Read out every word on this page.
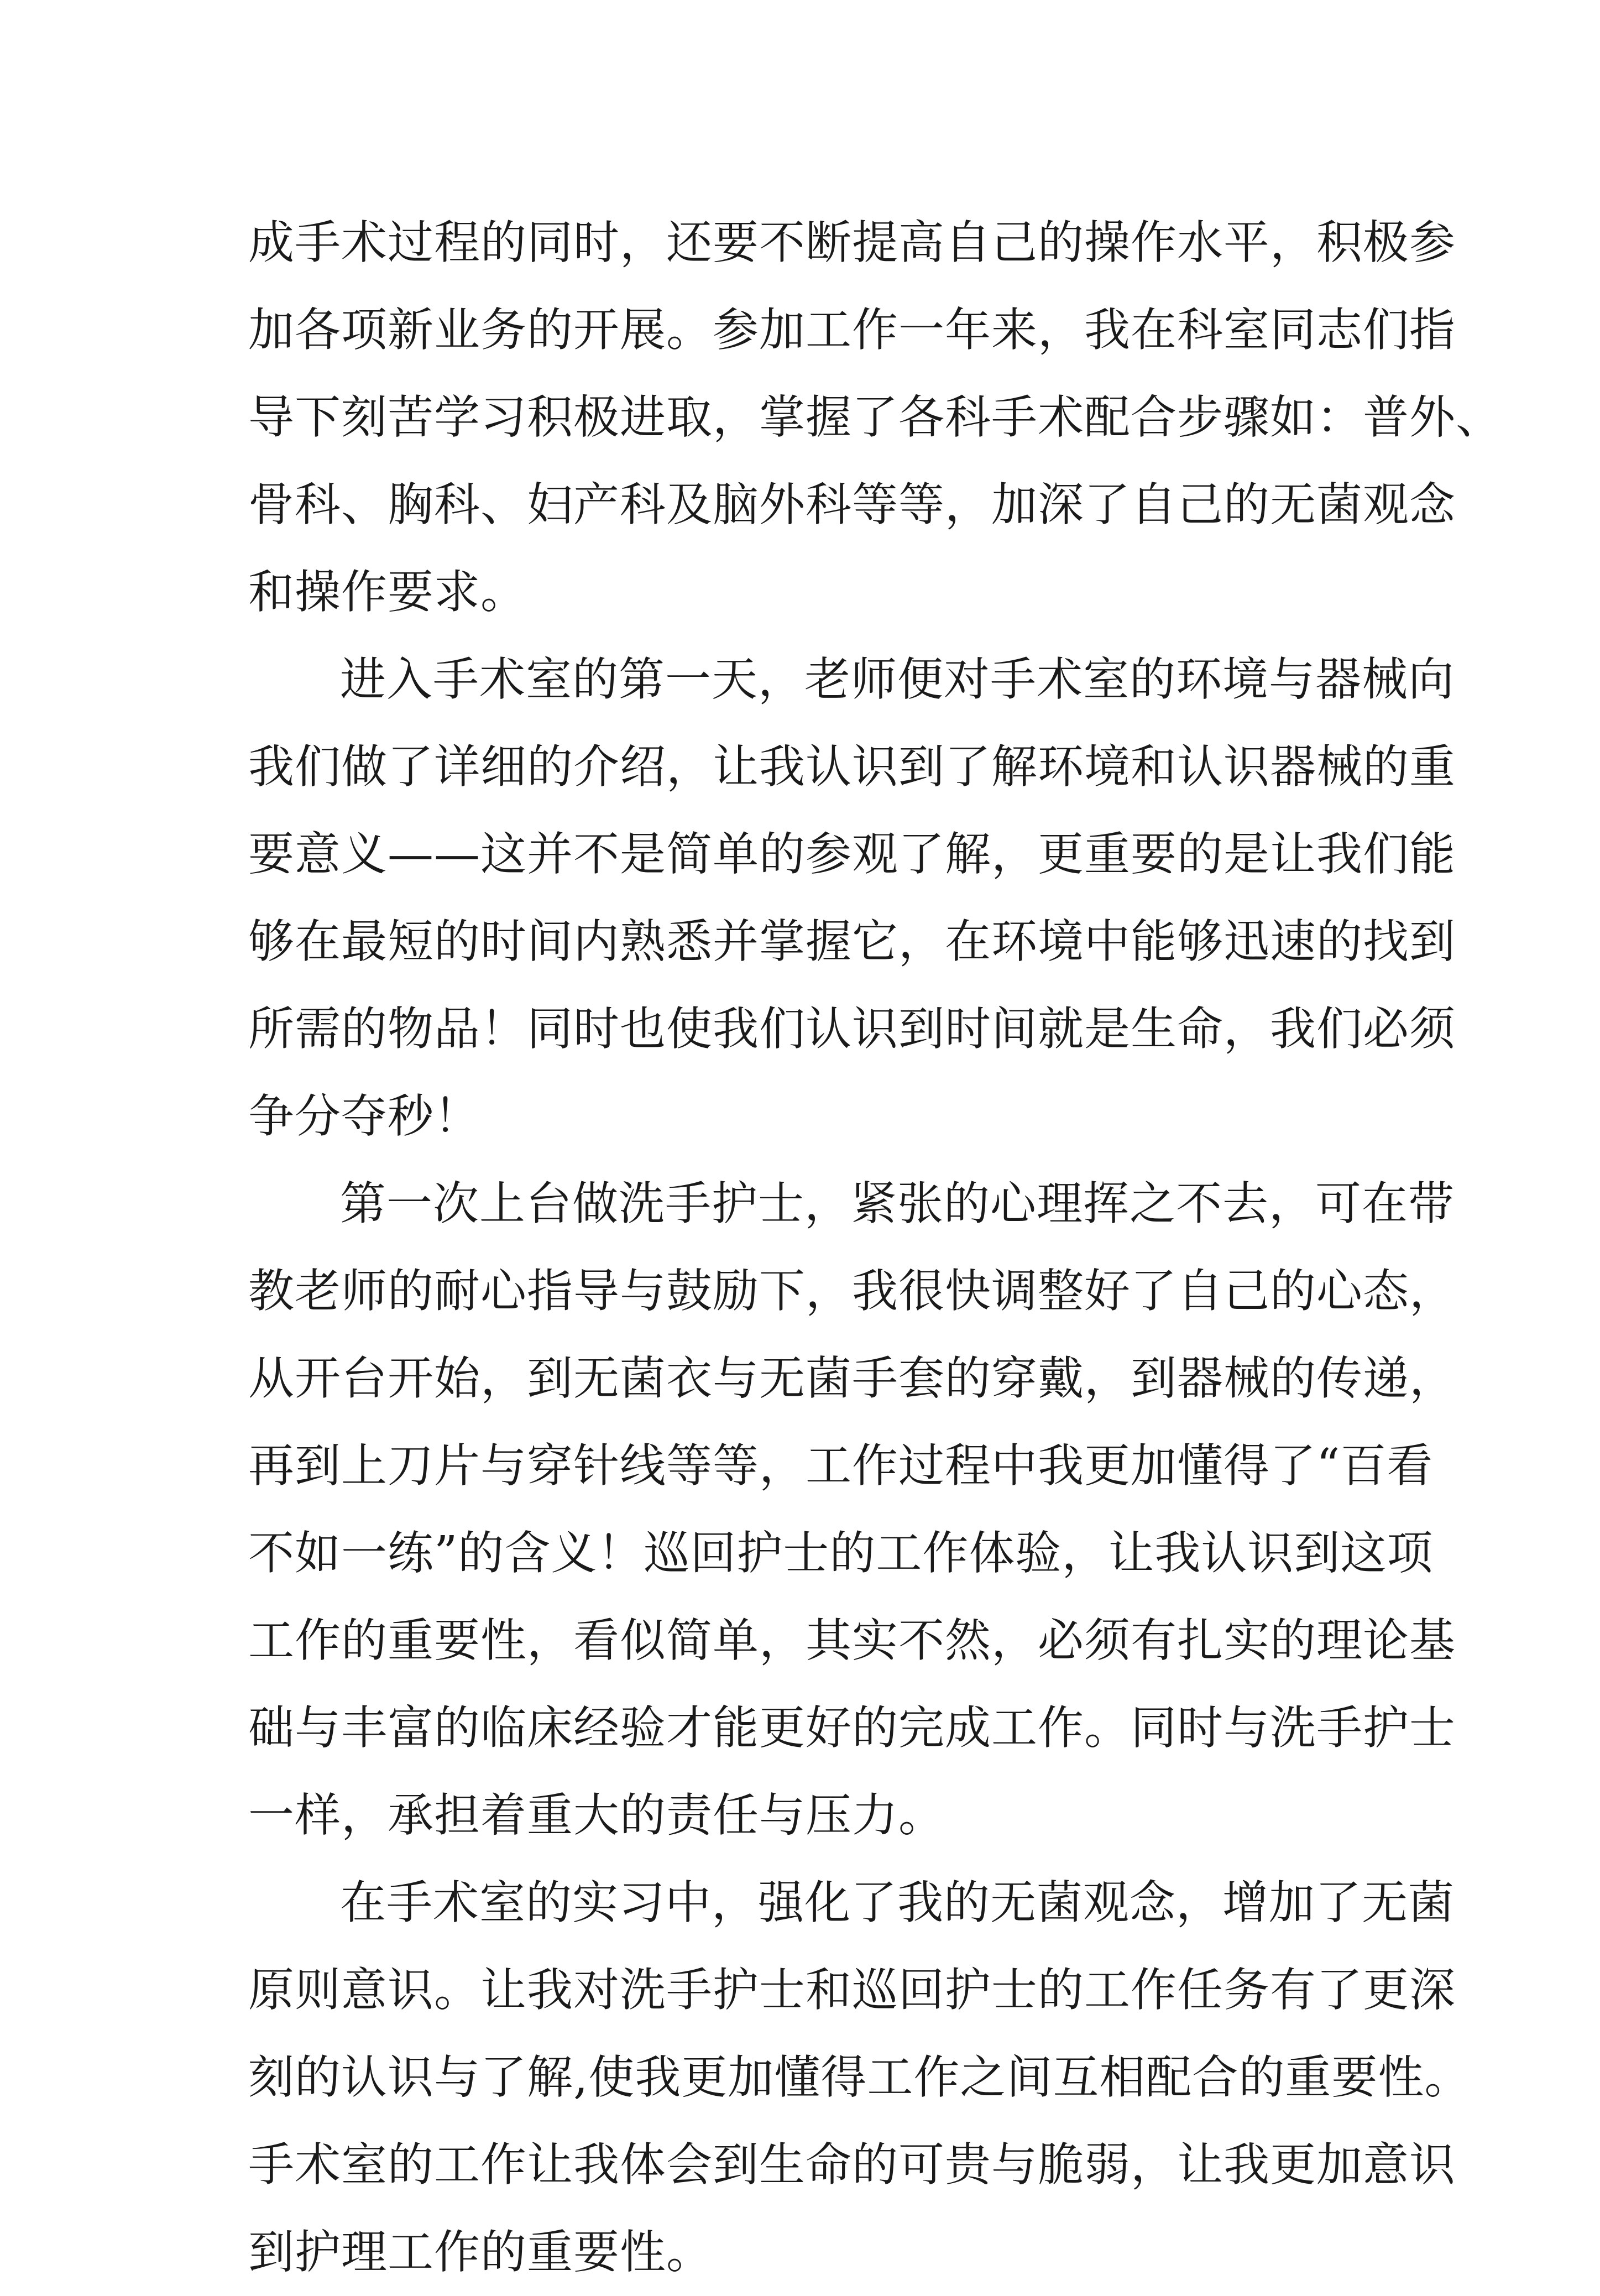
成手术过程的同时，还要不断提高自己的操作水平，积极参
加各项新业务的开展。参加工作一年来，我在科室同志们指
导下刻苦学习积极进取，掌握了各科手术配合步骤如：普外、
骨科、胸科、妇产科及脑外科等等，加深了自己的无菌观念
和操作要求。
进入手术室的第一天，老师便对手术室的环境与器械向
我们做了详细的介绍，让我认识到了解环境和认识器械的重
要意义——这并不是简单的参观了解，更重要的是让我们能
够在最短的时间内熟悉并掌握它，在环境中能够迅速的找到
所需的物品！同时也使我们认识到时间就是生命，我们必须
争分夺秒！
第一次上台做洗手护士，紧张的心理挥之不去，可在带
教老师的耐心指导与鼓励下，我很快调整好了自己的心态，
从开台开始，到无菌衣与无菌手套的穿戴，到器械的传递，
再到上刀片与穿针线等等，工作过程中我更加懂得了“百看
不如一练”的含义！巡回护士的工作体验，让我认识到这项
工作的重要性，看似简单，其实不然，必须有扎实的理论基
础与丰富的临床经验才能更好的完成工作。同时与洗手护士
一样，承担着重大的责任与压力。
在手术室的实习中，强化了我的无菌观念，增加了无菌
原则意识。让我对洗手护士和巡回护士的工作任务有了更深
刻的认识与了解,使我更加懂得工作之间互相配合的重要性。
手术室的工作让我体会到生命的可贵与脆弱，让我更加意识
到护理工作的重要性。
